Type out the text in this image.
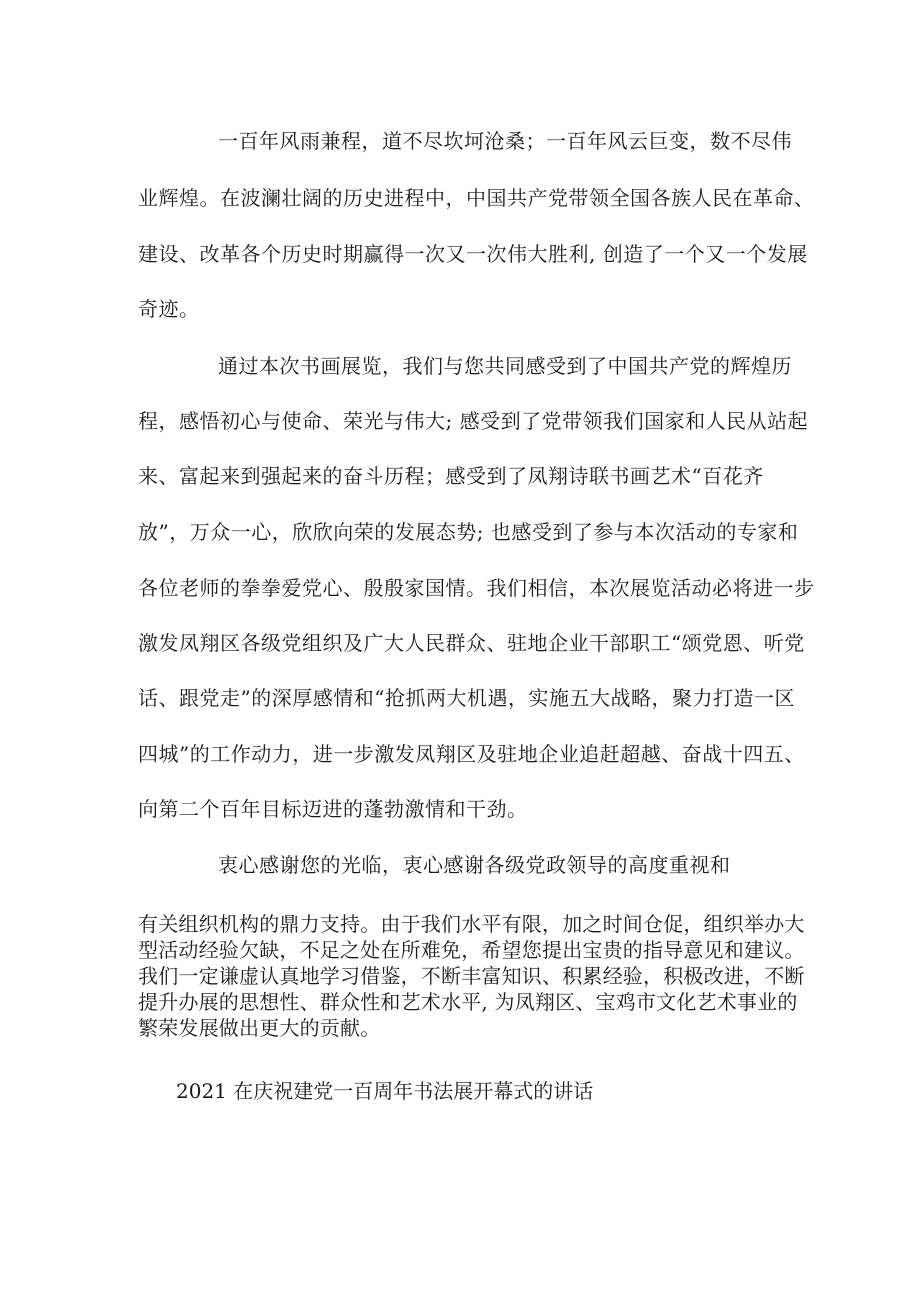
一百年风雨兼程，道不尽坎坷沧桑；一百年风云巨变，数不尽伟
业辉煌。在波澜壮阔的历史进程中，中国共产党带领全国各族人民在革命、
建设、改革各个历史时期赢得一次又一次伟大胜利, 创造了一个又一个发展
奇迹。
通过本次书画展览，我们与您共同感受到了中国共产党的辉煌历
程，感悟初心与使命、荣光与伟大; 感受到了党带领我们国家和人民从站起
来、富起来到强起来的奋斗历程；感受到了凤翔诗联书画艺术“百花齐
放”，万众一心，欣欣向荣的发展态势; 也感受到了参与本次活动的专家和
各位老师的拳拳爱党心、殷殷家国情。我们相信，本次展览活动必将进一步
激发凤翔区各级党组织及广大人民群众、驻地企业干部职工“颂党恩、听党
话、跟党走”的深厚感情和“抢抓两大机遇，实施五大战略，聚力打造一区
四城”的工作动力，进一步激发凤翔区及驻地企业追赶超越、奋战十四五、
向第二个百年目标迈进的蓬勃激情和干劲。
衷心感谢您的光临，衷心感谢各级党政领导的高度重视和
有关组织机构的鼎力支持。由于我们水平有限，加之时间仓促，组织举办大
型活动经验欠缺，不足之处在所难免，希望您提出宝贵的指导意见和建议。
我们一定谦虚认真地学习借鉴，不断丰富知识、积累经验，积极改进，不断
提升办展的思想性、群众性和艺术水平, 为凤翔区、宝鸡市文化艺术事业的
繁荣发展做出更大的贡献。
2021 在庆祝建党一百周年书法展开幕式的讲话
